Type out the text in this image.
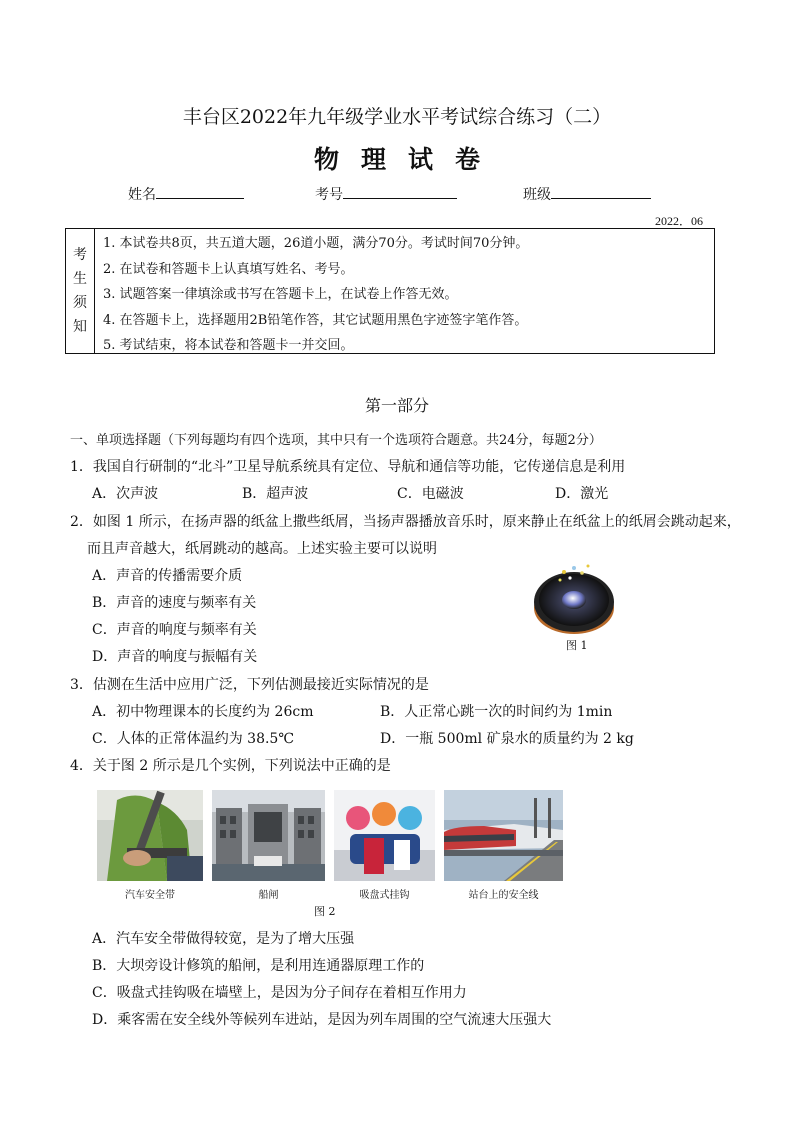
丰台区2022年九年级学业水平考试综合练习（二）
物理试卷
姓名	考号	班级
2022．06
考
生
须
知
1. 本试卷共8页，共五道大题，26道小题，满分70分。考试时间70分钟。
2. 在试卷和答题卡上认真填写姓名、考号。
3. 试题答案一律填涂或书写在答题卡上，在试卷上作答无效。
4. 在答题卡上，选择题用2B铅笔作答，其它试题用黑色字迹签字笔作答。
5. 考试结束，将本试卷和答题卡一并交回。
第一部分
一、单项选择题（下列每题均有四个选项，其中只有一个选项符合题意。共24分，每题2分）
1．我国自行研制的“北斗”卫星导航系统具有定位、导航和通信等功能，它传递信息是利用
A．次声波	B．超声波	C．电磁波	D．激光
2．如图 1 所示，在扬声器的纸盆上撒些纸屑，当扬声器播放音乐时，原来静止在纸盆上的纸屑会跳动起来，
而且声音越大，纸屑跳动的越高。上述实验主要可以说明
A．声音的传播需要介质
B．声音的速度与频率有关
C．声音的响度与频率有关
D．声音的响度与振幅有关
图 1
3．估测在生活中应用广泛，下列估测最接近实际情况的是
A．初中物理课本的长度约为 26cm	B．人正常心跳一次的时间约为 1min
C．人体的正常体温约为 38.5℃	D．一瓶 500ml 矿泉水的质量约为 2 kg
4．关于图 2 所示是几个实例，下列说法中正确的是
汽车安全带	船闸	吸盘式挂钩	站台上的安全线
图 2
A．汽车安全带做得较宽，是为了增大压强
B．大坝旁设计修筑的船闸，是利用连通器原理工作的
C．吸盘式挂钩吸在墙壁上，是因为分子间存在着相互作用力
D．乘客需在安全线外等候列车进站，是因为列车周围的空气流速大压强大
